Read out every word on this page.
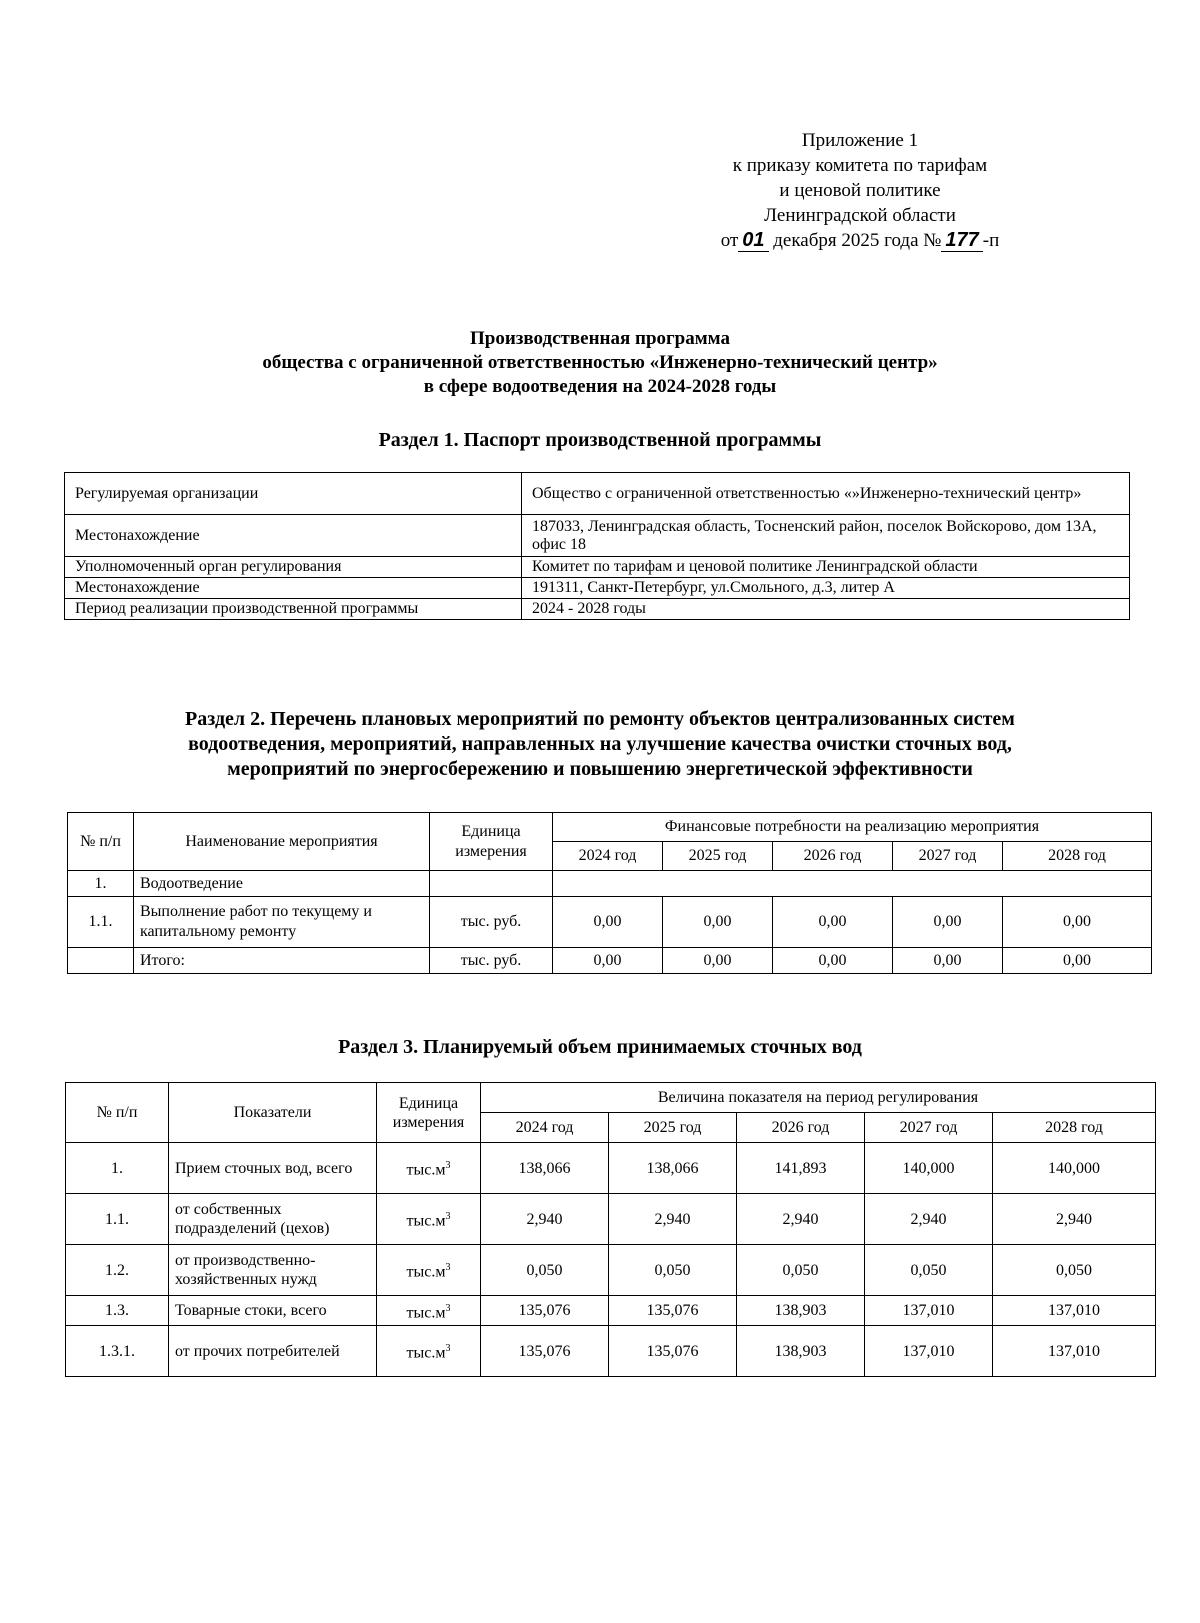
Приложение 1
к приказу комитета по тарифам
и ценовой политике
Ленинградской области
от 01 декабря 2025 года № 177 -п
Производственная программа
общества с ограниченной ответственностью «Инженерно-технический центр»
в сфере водоотведения на 2024-2028 годы
Раздел 1. Паспорт производственной программы
Регулируемая организации	Общество с ограниченной ответственностью «»Инженерно-технический центр»
Местонахождение	187033, Ленинградская область, Тосненский район, поселок Войскорово, дом 13А, офис 18
Уполномоченный орган регулирования	Комитет по тарифам и ценовой политике Ленинградской области
Местонахождение	191311, Санкт-Петербург, ул.Смольного, д.3, литер А
Период реализации производственной программы	2024 - 2028 годы
Раздел 2. Перечень плановых мероприятий по ремонту объектов централизованных систем
водоотведения, мероприятий, направленных на улучшение качества очистки сточных вод,
мероприятий по энергосбережению и повышению энергетической эффективности
№ п/п	Наименование мероприятия	Единица измерения	Финансовые потребности на реализацию мероприятия				
			2024 год	2025 год	2026 год	2027 год	2028 год
1.	Водоотведение						
1.1.	Выполнение работ по текущему и капитальному ремонту	тыс. руб.	0,00	0,00	0,00	0,00	0,00
	Итого:	тыс. руб.	0,00	0,00	0,00	0,00	0,00
Раздел 3. Планируемый объем принимаемых сточных вод
№ п/п	Показатели	Единица измерения	Величина показателя на период регулирования				
			2024 год	2025 год	2026 год	2027 год	2028 год
1.	Прием сточных вод, всего	$тыс.м^3$	138,066	138,066	141,893	140,000	140,000
1.1.	от собственных подразделений (цехов)	$тыс.м^3$	2,940	2,940	2,940	2,940	2,940
1.2.	от производственно-хозяйственных нужд	$тыс.м^3$	0,050	0,050	0,050	0,050	0,050
1.3.	Товарные стоки, всего	$тыс.м^3$	135,076	135,076	138,903	137,010	137,010
1.3.1.	от прочих потребителей	$тыс.м^3$	135,076	135,076	138,903	137,010	137,010
